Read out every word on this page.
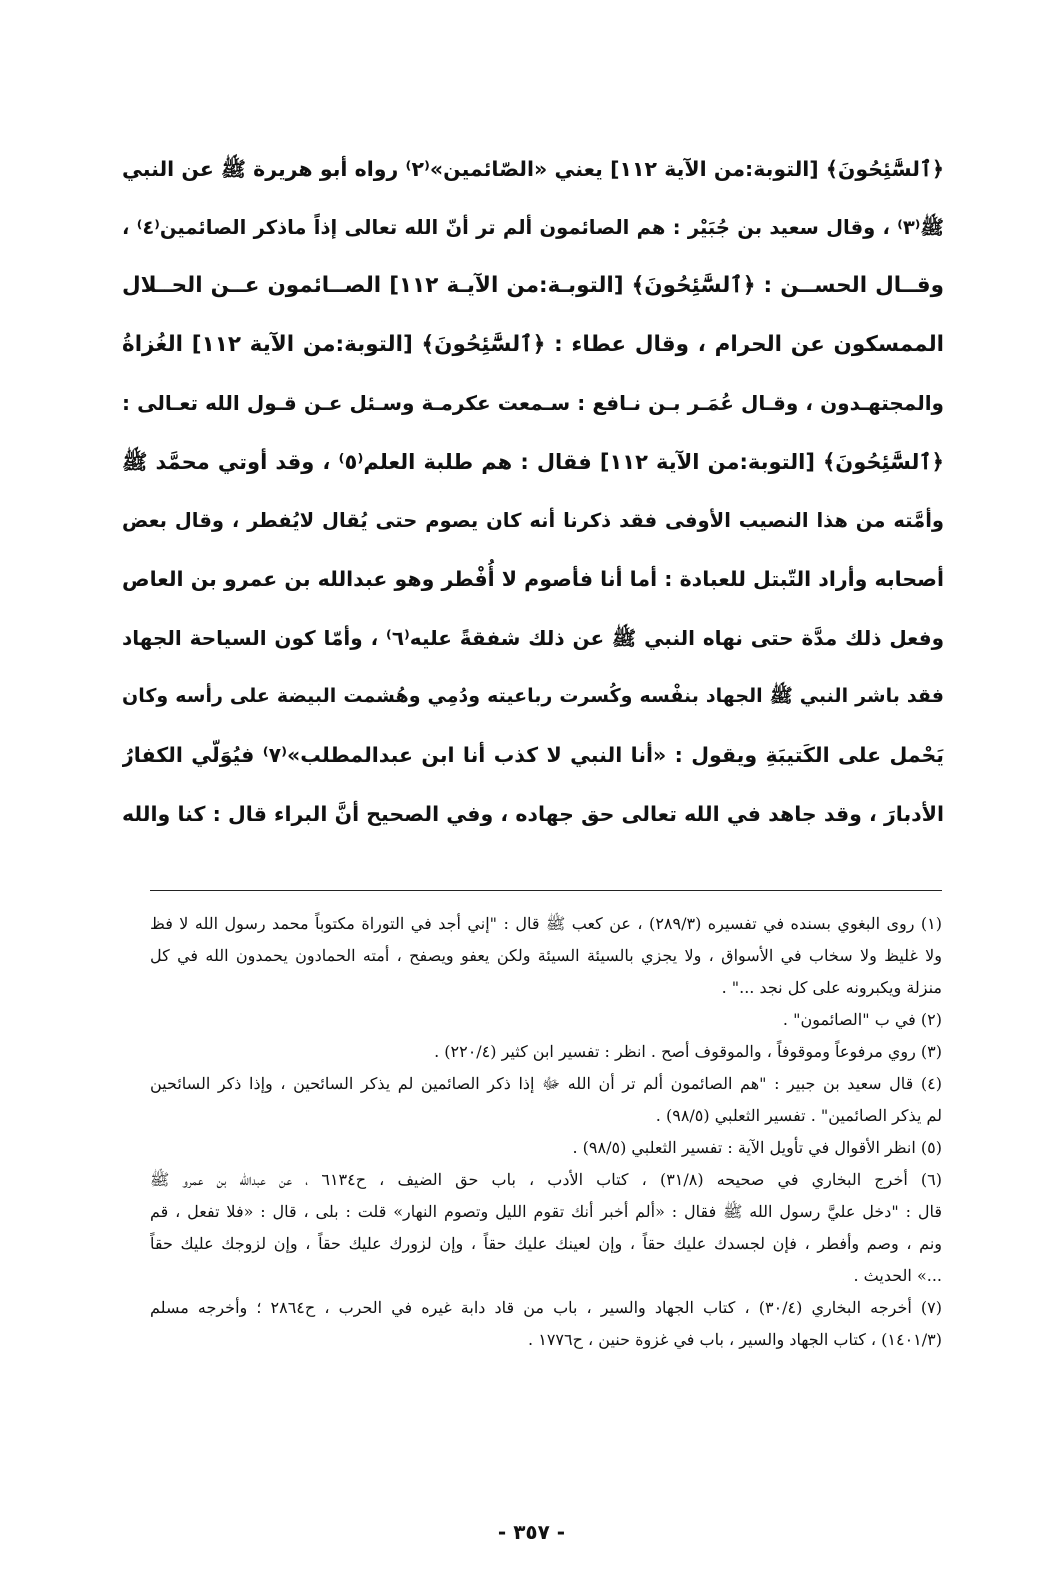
﴿ٱلسَّٰٓئِحُونَ﴾ [التوبة:من الآية ١١٢] يعني «الصّائمين»⁽٢⁾ رواه أبو هريرة ﷺ عن النبي
ﷺ⁽٣⁾ ، وقال سعيد بن جُبَيْر : هم الصائمون ألم تر أنّ الله تعالى إذاً ماذكر الصائمين⁽٤⁾ ،
وقــال الحســن : ﴿ٱلسَّٰٓئِحُونَ﴾ [التوبـة:من الآيـة ١١٢] الصــائمون عــن الحــلال
الممسكون عن الحرام ، وقال عطاء : ﴿ٱلسَّٰٓئِحُونَ﴾ [التوبة:من الآية ١١٢] الغُزاةُ
والمجتهـدون ، وقـال عُمَـر بـن نـافع : سـمعت عكرمـة وسـئل عـن قـول الله تعـالى :
﴿ٱلسَّٰٓئِحُونَ﴾ [التوبة:من الآية ١١٢] فقال : هم طلبة العلم⁽٥⁾ ، وقد أوتي محمَّد ﷺ
وأمَّته من هذا النصيب الأوفى فقد ذكرنا أنه كان يصوم حتى يُقال لايُفطر ، وقال بعض
أصحابه وأراد التّبتل للعبادة : أما أنا فأصوم لا أُفْطر وهو عبدالله بن عمرو بن العاص
وفعل ذلك مدَّة حتى نهاه النبي ﷺ عن ذلك شفقةً عليه⁽٦⁾ ، وأمّا كون السياحة الجهاد
فقد باشر النبي ﷺ الجهاد بنفْسه وكُسرت رباعيته ودُمِي وهُشمت البيضة على رأسه وكان
يَحْمل على الكَتيبَةِ ويقول : «أنا النبي لا كذب أنا ابن عبدالمطلب»⁽٧⁾ فيُوَلّي الكفارُ
الأدبارَ ، وقد جاهد في الله تعالى حق جهاده ، وفي الصحيح أنَّ البراء قال : كنا والله
(١) روى البغوي بسنده في تفسيره (٢٨٩/٣) ، عن كعب ﷺ قال : "إني أجد في التوراة مكتوباً محمد رسول الله لا فظ
ولا غليظ ولا سخاب في الأسواق ، ولا يجزي بالسيئة السيئة ولكن يعفو ويصفح ، أمته الحمادون يحمدون الله في كل
منزلة ويكبرونه على كل نجد ..." .
(٢) في ب "الصائمون" .
(٣) روي مرفوعاً وموقوفاً ، والموقوف أصح . انظر : تفسير ابن كثير (٢٢٠/٤) .
(٤) قال سعيد بن جبير : "هم الصائمون ألم تر أن الله ﷻ إذا ذكر الصائمين لم يذكر السائحين ، وإذا ذكر السائحين
لم يذكر الصائمين" . تفسير الثعلبي (٩٨/٥) .
(٥) انظر الأقوال في تأويل الآية : تفسير الثعلبي (٩٨/٥) .
(٦) أخرج البخاري في صحيحه (٣١/٨) ، كتاب الأدب ، باب حق الضيف ، ح٦١٣٤ ، عن عبدالله بن عمرو ﷺ
قال : "دخل عليَّ رسول الله ﷺ فقال : «ألم أخبر أنك تقوم الليل وتصوم النهار» قلت : بلى ، قال : «فلا تفعل ، قم
ونم ، وصم وأفطر ، فإن لجسدك عليك حقاً ، وإن لعينك عليك حقاً ، وإن لزورك عليك حقاً ، وإن لزوجك عليك حقاً
...» الحديث .
(٧) أخرجه البخاري (٣٠/٤) ، كتاب الجهاد والسير ، باب من قاد دابة غيره في الحرب ، ح٢٨٦٤ ؛ وأخرجه مسلم
(١٤٠١/٣) ، كتاب الجهاد والسير ، باب في غزوة حنين ، ح١٧٧٦ .
- ٣٥٧ -
